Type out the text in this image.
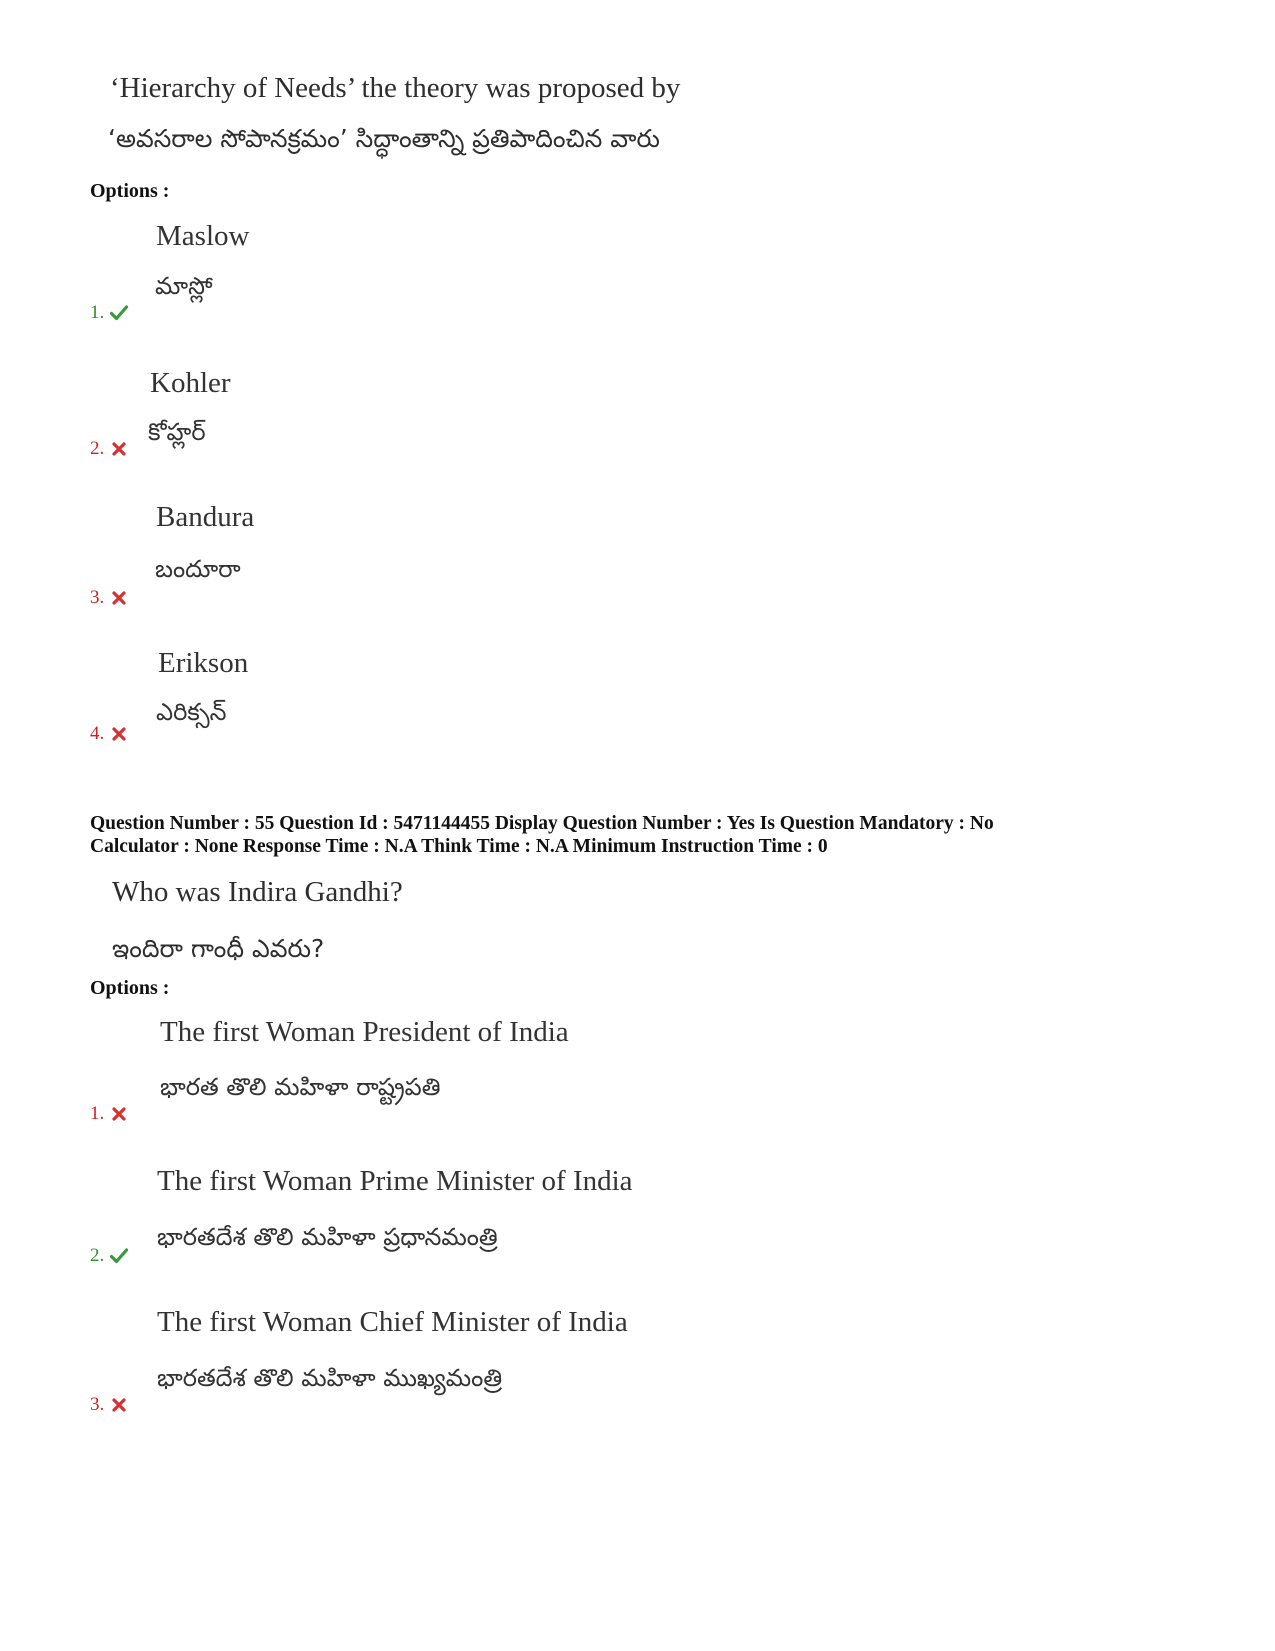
‘Hierarchy of Needs’ the theory was proposed by
‘అవసరాల సోపానక్రమం’ సిద్ధాంతాన్ని ప్రతిపాదించిన వారు
Options :
Maslow
మాస్లో
1.
Kohler
కోహ్లర్
2.
Bandura
బందూరా
3.
Erikson
ఎరిక్సన్
4.
Question Number : 55 Question Id : 5471144455 Display Question Number : Yes Is Question Mandatory : No
Calculator : None Response Time : N.A Think Time : N.A Minimum Instruction Time : 0
Who was Indira Gandhi?
ఇందిరా గాంధీ ఎవరు?
Options :
The first Woman President of India
భారత తొలి మహిళా రాష్ట్రపతి
1.
The first Woman Prime Minister of India
భారతదేశ తొలి మహిళా ప్రధానమంత్రి
2.
The first Woman Chief Minister of India
భారతదేశ తొలి మహిళా ముఖ్యమంత్రి
3.
